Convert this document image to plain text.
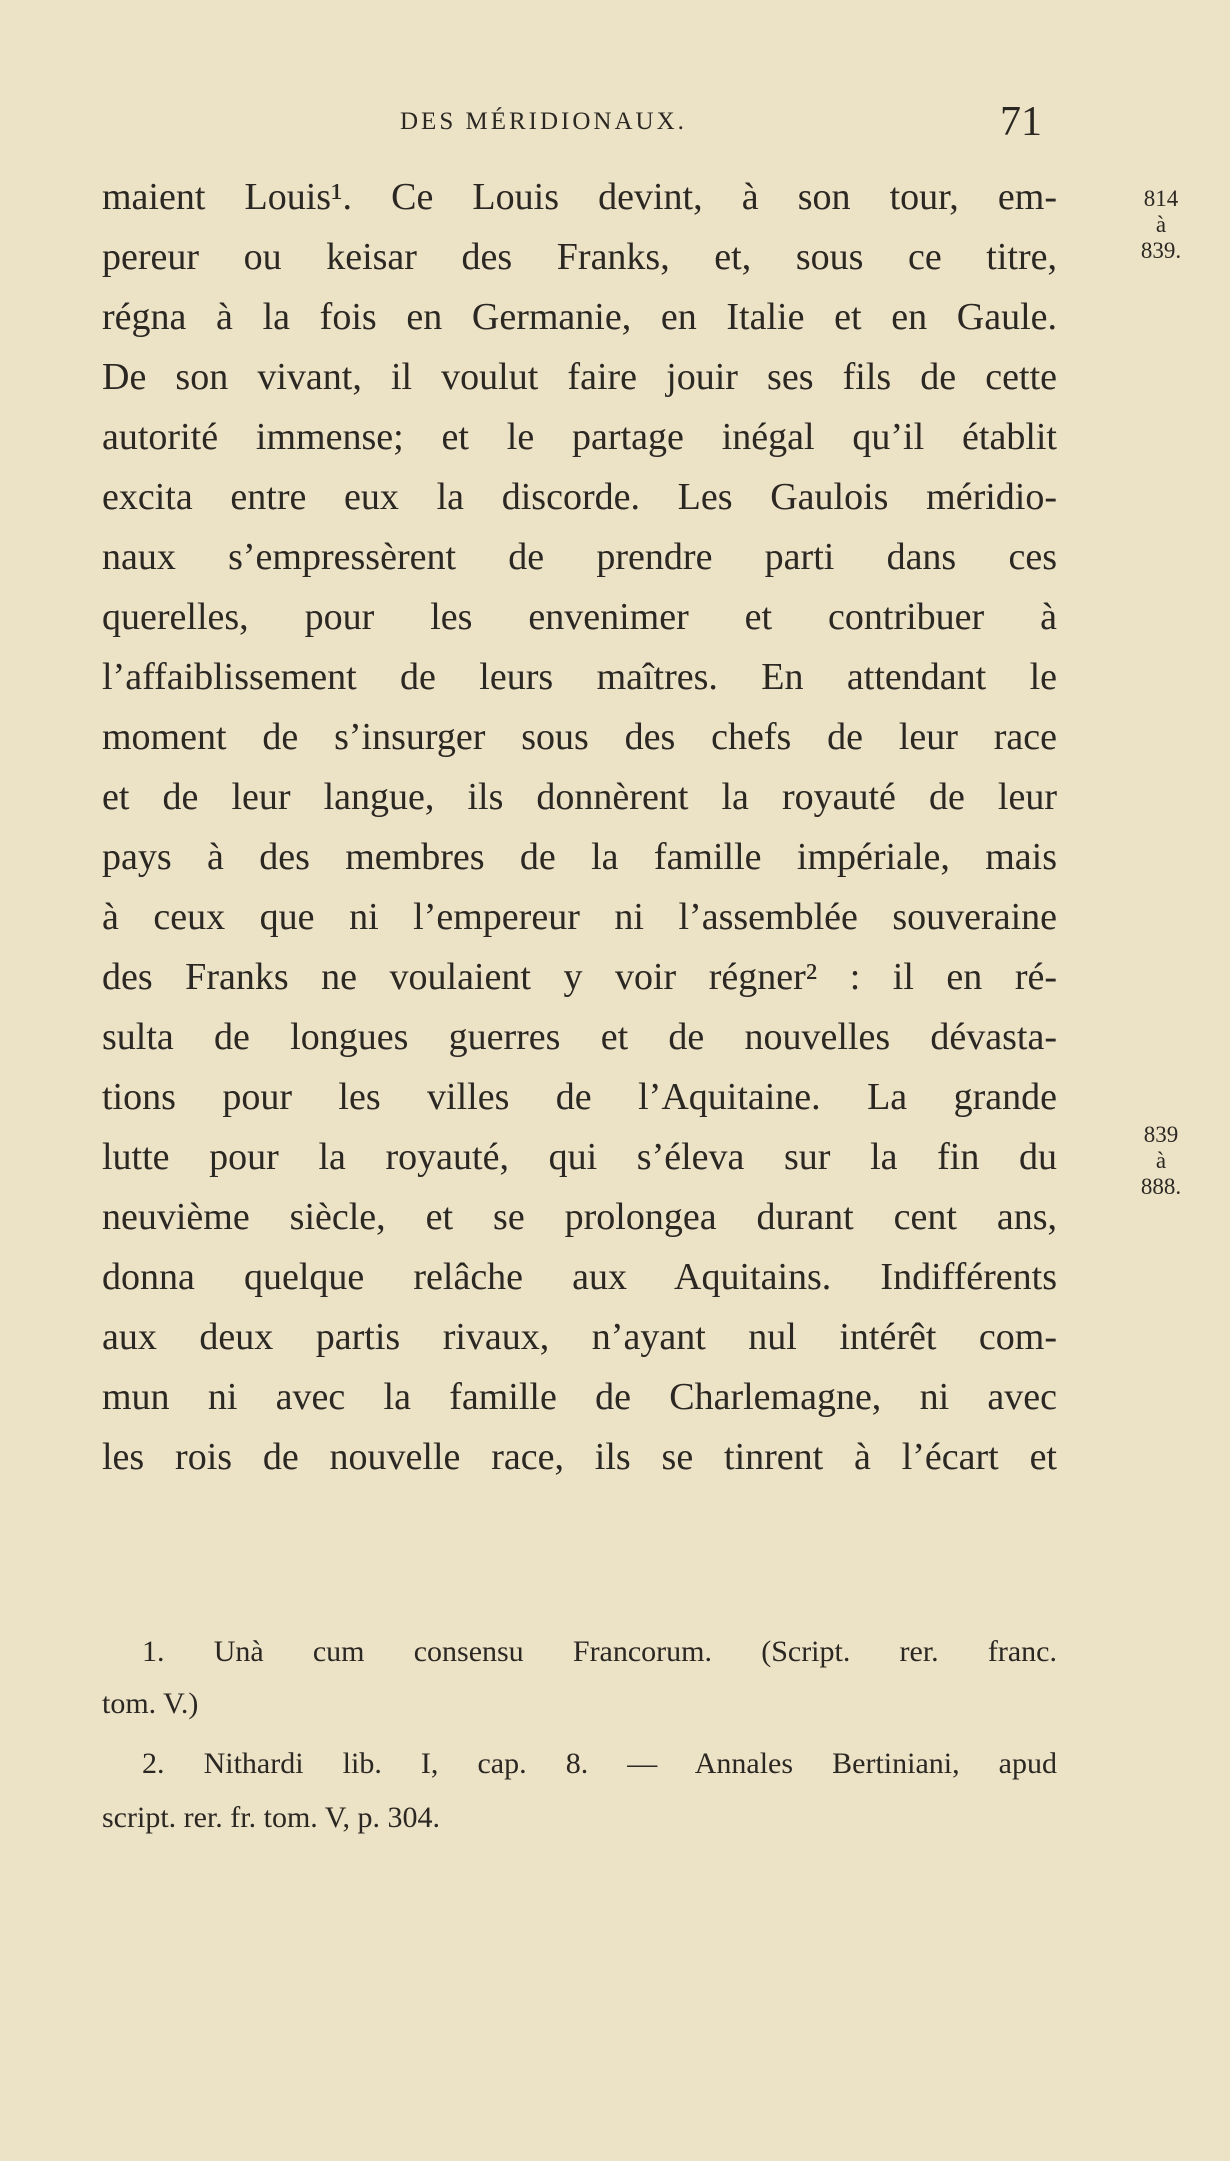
DES MÉRIDIONAUX.	71
maient Louis¹. Ce Louis devint, à son tour, em-
pereur ou keisar des Franks, et, sous ce titre,
régna à la fois en Germanie, en Italie et en Gaule.
De son vivant, il voulut faire jouir ses fils de cette
autorité immense; et le partage inégal qu’il établit
excita entre eux la discorde. Les Gaulois méridio-
naux s’empressèrent de prendre parti dans ces
querelles, pour les envenimer et contribuer à
l’affaiblissement de leurs maîtres. En attendant le
moment de s’insurger sous des chefs de leur race
et de leur langue, ils donnèrent la royauté de leur
pays à des membres de la famille impériale, mais
à ceux que ni l’empereur ni l’assemblée souveraine
des Franks ne voulaient y voir régner² : il en ré-
sulta de longues guerres et de nouvelles dévasta-
tions pour les villes de l’Aquitaine. La grande
lutte pour la royauté, qui s’éleva sur la fin du
neuvième siècle, et se prolongea durant cent ans,
donna quelque relâche aux Aquitains. Indifférents
aux deux partis rivaux, n’ayant nul intérêt com-
mun ni avec la famille de Charlemagne, ni avec
les rois de nouvelle race, ils se tinrent à l’écart et
814
à
839.
839
à
888.
1. Unà cum consensu Francorum. (Script. rer. franc.
tom. V.)
2. Nithardi lib. I, cap. 8. — Annales Bertiniani, apud
script. rer. fr. tom. V, p. 304.
